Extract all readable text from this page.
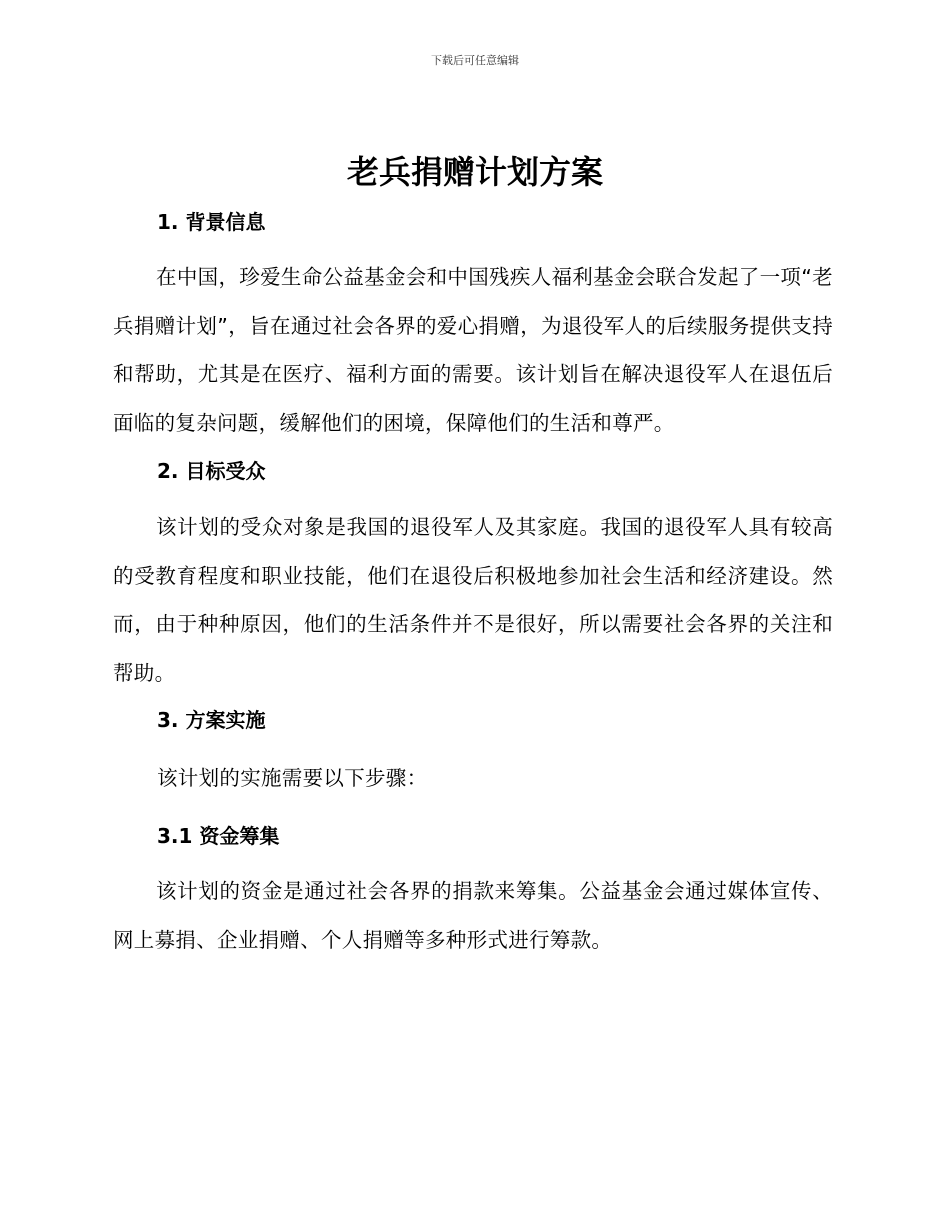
下载后可任意编辑
老兵捐赠计划方案
1. 背景信息

在中国，珍爱生命公益基金会和中国残疾人福利基金会联合发起了一项“老兵捐赠计划”，旨在通过社会各界的爱心捐赠，为退役军人的后续服务提供支持和帮助，尤其是在医疗、福利方面的需要。该计划旨在解决退役军人在退伍后面临的复杂问题，缓解他们的困境，保障他们的生活和尊严。

2. 目标受众

该计划的受众对象是我国的退役军人及其家庭。我国的退役军人具有较高的受教育程度和职业技能，他们在退役后积极地参加社会生活和经济建设。然而，由于种种原因，他们的生活条件并不是很好，所以需要社会各界的关注和帮助。

3. 方案实施

该计划的实施需要以下步骤：

3.1 资金筹集

该计划的资金是通过社会各界的捐款来筹集。公益基金会通过媒体宣传、网上募捐、企业捐赠、个人捐赠等多种形式进行筹款。
